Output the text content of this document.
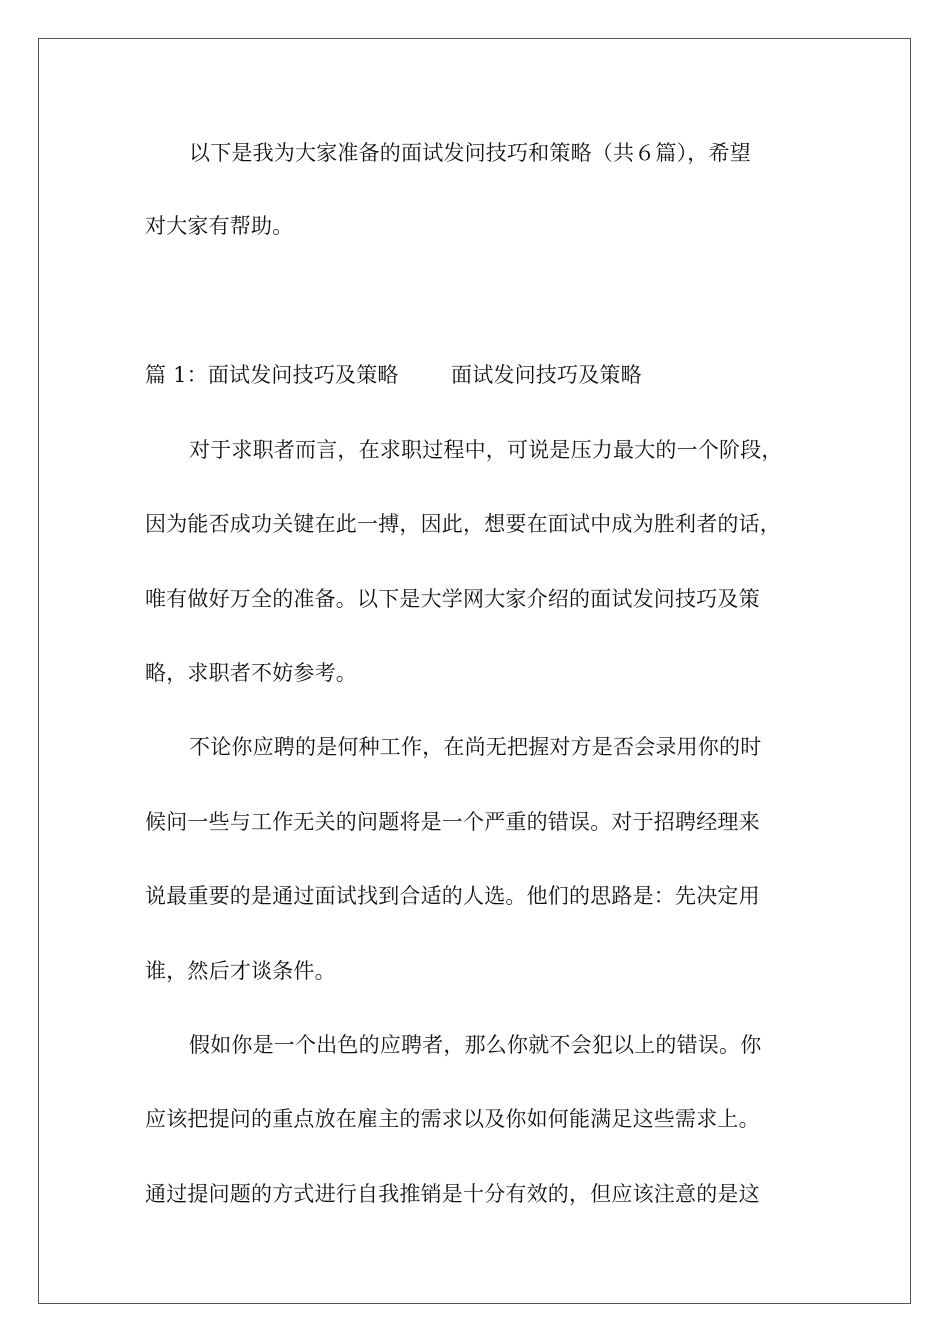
以下是我为大家准备的面试发问技巧和策略（共６篇），希望
对大家有帮助。
篇 1：面试发问技巧及策略 面试发问技巧及策略
对于求职者而言，在求职过程中，可说是压力最大的一个阶段，
因为能否成功关键在此一搏，因此，想要在面试中成为胜利者的话，
唯有做好万全的准备。以下是大学网大家介绍的面试发问技巧及策
略，求职者不妨参考。
不论你应聘的是何种工作，在尚无把握对方是否会录用你的时
候问一些与工作无关的问题将是一个严重的错误。对于招聘经理来
说最重要的是通过面试找到合适的人选。他们的思路是：先决定用
谁，然后才谈条件。
假如你是一个出色的应聘者，那么你就不会犯以上的错误。你
应该把提问的重点放在雇主的需求以及你如何能满足这些需求上。
通过提问题的方式进行自我推销是十分有效的，但应该注意的是这
